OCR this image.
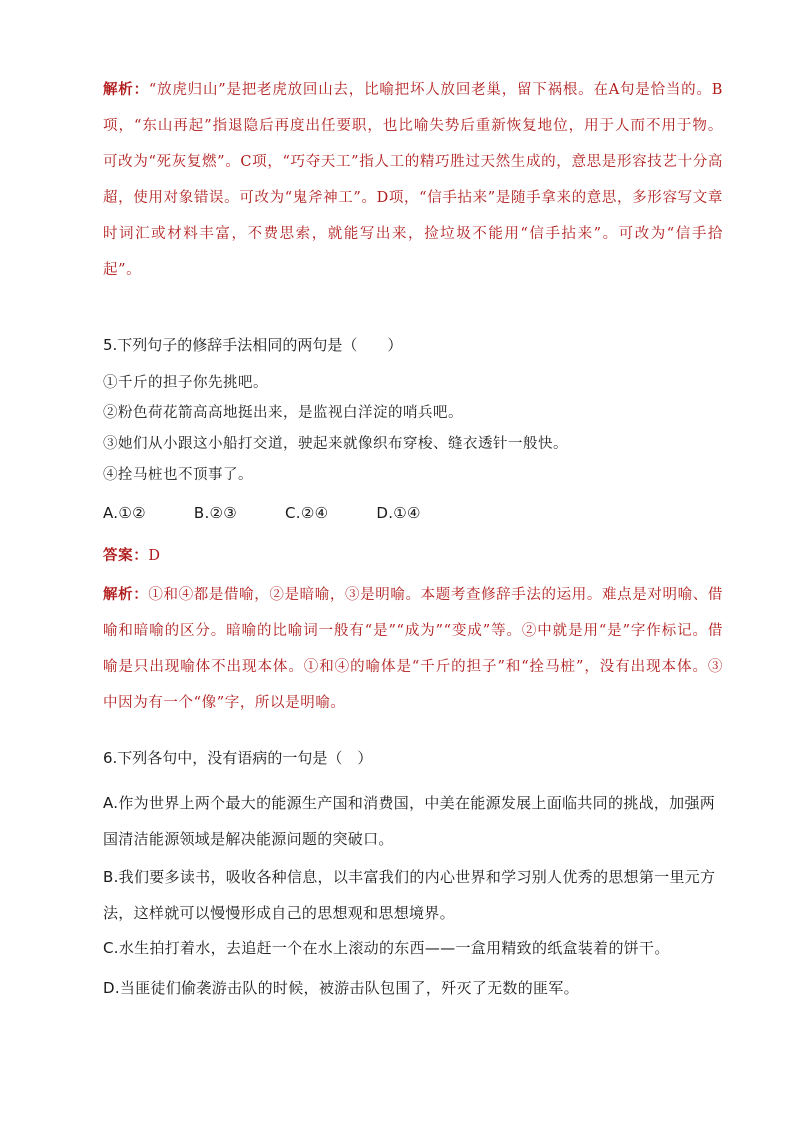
解析：“放虎归山”是把老虎放回山去，比喻把坏人放回老巢，留下祸根。在A句是恰当的。B项，“东山再起”指退隐后再度出任要职，也比喻失势后重新恢复地位，用于人而不用于物。可改为“死灰复燃”。C项，“巧夺天工”指人工的精巧胜过天然生成的，意思是形容技艺十分高超，使用对象错误。可改为“鬼斧神工”。D项，“信手拈来”是随手拿来的意思，多形容写文章时词汇或材料丰富，不费思索，就能写出来，捡垃圾不能用“信手拈来”。可改为“信手拾起”。
5.下列句子的修辞手法相同的两句是（　　）
①千斤的担子你先挑吧。
②粉色荷花箭高高地挺出来，是监视白洋淀的哨兵吧。
③她们从小跟这小船打交道，驶起来就像织布穿梭、缝衣透针一般快。
④拴马桩也不顶事了。
A.①②	B.②③	C.②④	D.①④
答案：D
解析：①和④都是借喻，②是暗喻，③是明喻。本题考查修辞手法的运用。难点是对明喻、借喻和暗喻的区分。暗喻的比喻词一般有“是”“成为”“变成”等。②中就是用“是”字作标记。借喻是只出现喻体不出现本体。①和④的喻体是“千斤的担子”和“拴马桩”，没有出现本体。③中因为有一个“像”字，所以是明喻。
6.下列各句中，没有语病的一句是（　）
A.作为世界上两个最大的能源生产国和消费国，中美在能源发展上面临共同的挑战，加强两国清洁能源领域是解决能源问题的突破口。
B.我们要多读书，吸收各种信息，以丰富我们的内心世界和学习别人优秀的思想第一里元方法，这样就可以慢慢形成自己的思想观和思想境界。
C.水生拍打着水，去追赶一个在水上滚动的东西——一盒用精致的纸盒装着的饼干。
D.当匪徒们偷袭游击队的时候，被游击队包围了，歼灭了无数的匪军。
